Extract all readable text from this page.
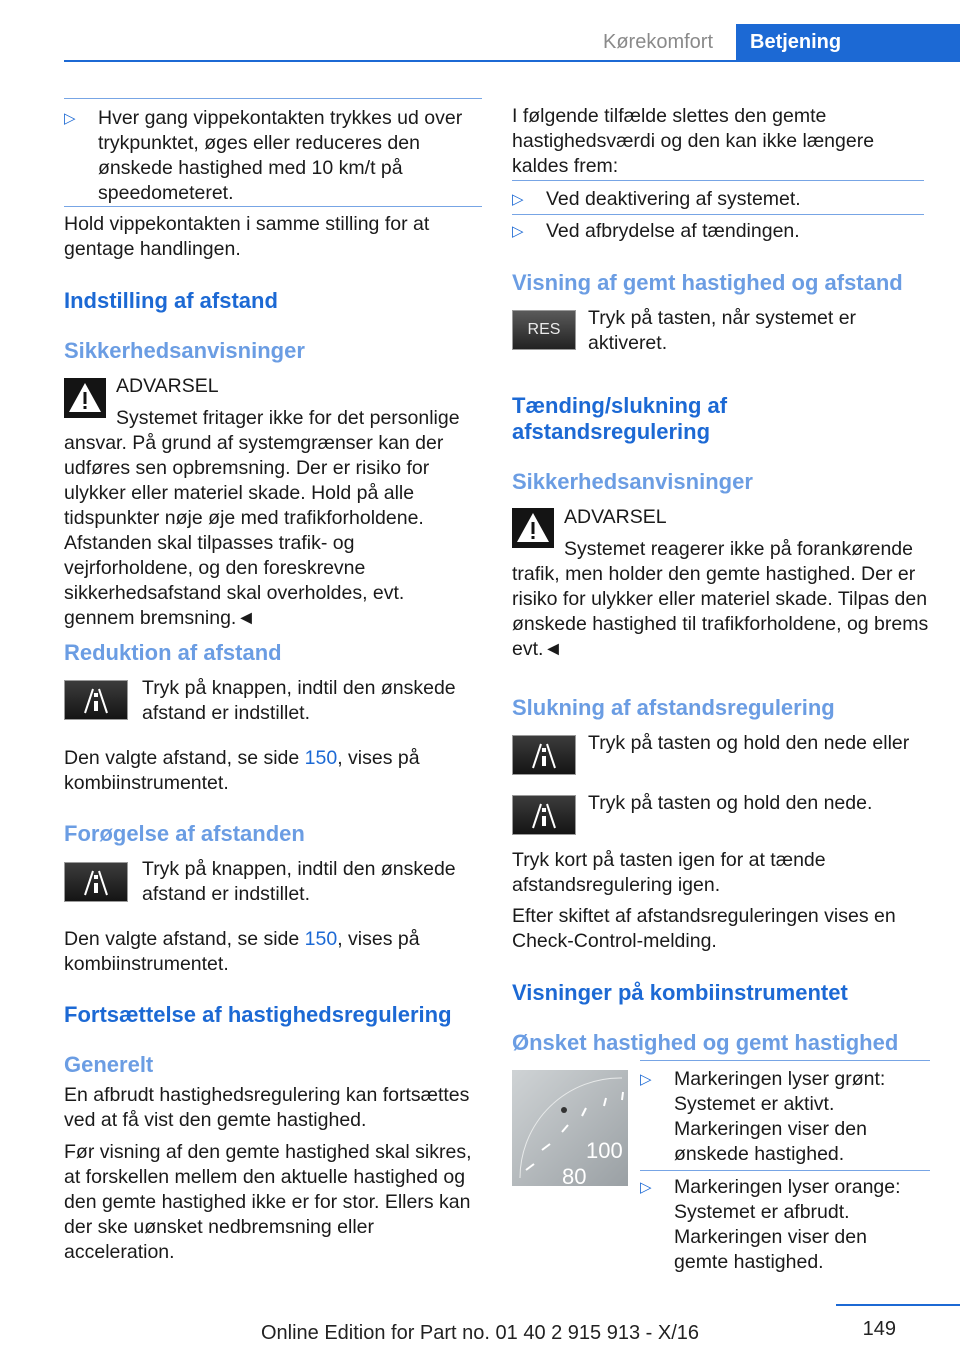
Kørekomfort	Betjening
▷ Hver gang vippekontakten trykkes ud over trykpunktet, øges eller reduceres den ønskede hastighed med 10 km/t på speedometeret.
Hold vippekontakten i samme stilling for at gentage handlingen.
Indstilling af afstand
Sikkerhedsanvisninger
ADVARSEL
Systemet fritager ikke for det personlige ansvar. På grund af systemgrænser kan der udføres sen opbremsning. Der er risiko for ulykker eller materiel skade. Hold på alle tidspunkter nøje øje med trafikforholdene. Afstanden skal tilpasses trafik- og vejrforholdene, og den foreskrevne sikkerhedsafstand skal overholdes, evt. gennem bremsning.◄
Reduktion af afstand
Tryk på knappen, indtil den ønskede afstand er indstillet.
Den valgte afstand, se side 150, vises på kombiinstrumentet.
Forøgelse af afstanden
Tryk på knappen, indtil den ønskede afstand er indstillet.
Den valgte afstand, se side 150, vises på kombiinstrumentet.
Fortsættelse af hastighedsregulering
Generelt
En afbrudt hastighedsregulering kan fortsættes ved at få vist den gemte hastighed.
Før visning af den gemte hastighed skal sikres, at forskellen mellem den aktuelle hastighed og den gemte hastighed ikke er for stor. Ellers kan der ske uønsket nedbremsning eller acceleration.
I følgende tilfælde slettes den gemte hastighedsværdi og den kan ikke længere kaldes frem:
▷ Ved deaktivering af systemet.
▷ Ved afbrydelse af tændingen.
Visning af gemt hastighed og afstand
RES
Tryk på tasten, når systemet er aktiveret.
Tænding/slukning af afstandsregulering
Sikkerhedsanvisninger
ADVARSEL
Systemet reagerer ikke på forankørende trafik, men holder den gemte hastighed. Der er risiko for ulykker eller materiel skade. Tilpas den ønskede hastighed til trafikforholdene, og brems evt.◄
Slukning af afstandsregulering
Tryk på tasten og hold den nede eller
Tryk på tasten og hold den nede.
Tryk kort på tasten igen for at tænde afstandsregulering igen.
Efter skiftet af afstandsreguleringen vises en Check-Control-melding.
Visninger på kombiinstrumentet
Ønsket hastighed og gemt hastighed
100
80
▷ Markeringen lyser grønt: Systemet er aktivt. Markeringen viser den ønskede hastighed.
▷ Markeringen lyser orange: Systemet er afbrudt. Markeringen viser den gemte hastighed.
149
Online Edition for Part no. 01 40 2 915 913 - X/16
